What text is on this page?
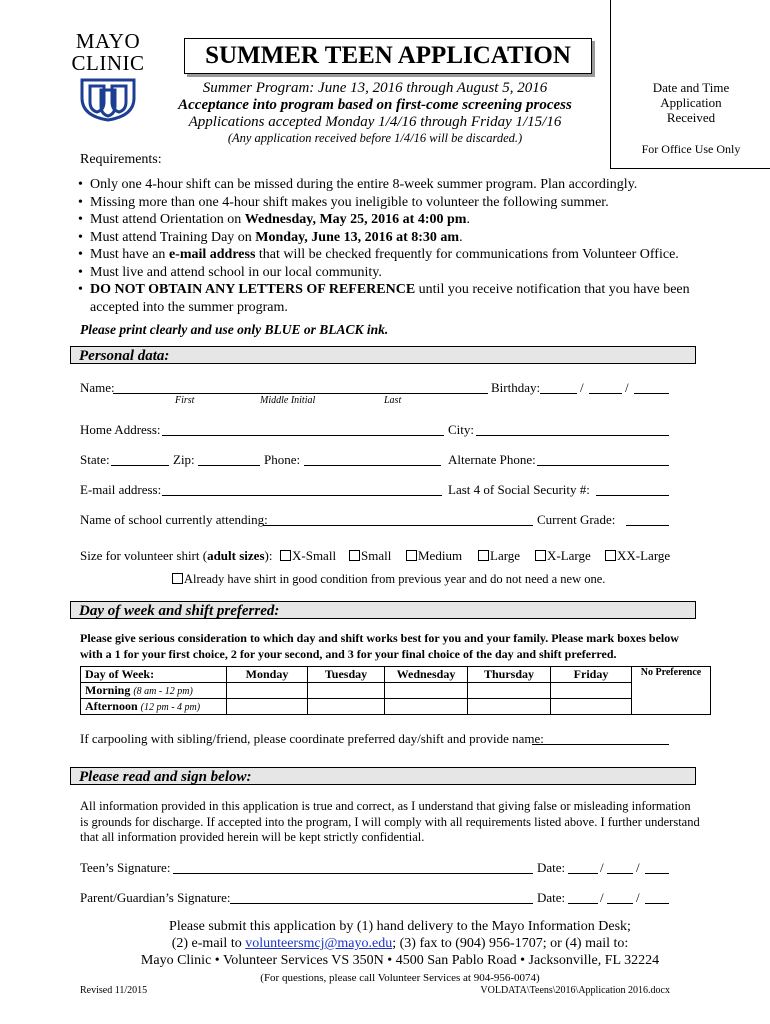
MAYO
CLINIC	SUMMER TEEN APPLICATION
Summer Program: June 13, 2016 through August 5, 2016
Acceptance into program based on first-come screening process
Applications accepted Monday 1/4/16 through Friday 1/15/16
(Any application received before 1/4/16 will be discarded.)
Date and Time
Application
Received
For Office Use Only
Requirements:
• Only one 4-hour shift can be missed during the entire 8-week summer program. Plan accordingly.
• Missing more than one 4-hour shift makes you ineligible to volunteer the following summer.
• Must attend Orientation on Wednesday, May 25, 2016 at 4:00 pm.
• Must attend Training Day on Monday, June 13, 2016 at 8:30 am.
• Must have an e-mail address that will be checked frequently for communications from Volunteer Office.
• Must live and attend school in our local community.
• DO NOT OBTAIN ANY LETTERS OF REFERENCE until you receive notification that you have been accepted into the summer program.
Please print clearly and use only BLUE or BLACK ink.
Personal data:
Name:	Birthday:	/	/
First	Middle Initial	Last
Home Address:	City:
State:	Zip:	Phone:	Alternate Phone:
E-mail address:	Last 4 of Social Security #:
Name of school currently attending:	Current Grade:
Size for volunteer shirt (adult sizes):	X-Small	Small	Medium	Large	X-Large	XX-Large
Already have shirt in good condition from previous year and do not need a new one.
Day of week and shift preferred:
Please give serious consideration to which day and shift works best for you and your family. Please mark boxes below with a 1 for your first choice, 2 for your second, and 3 for your final choice of the day and shift preferred.
Day of Week:	Monday	Tuesday	Wednesday	Thursday	Friday	No Preference
Morning (8 am - 12 pm)						
Afternoon (12 pm - 4 pm)						
If carpooling with sibling/friend, please coordinate preferred day/shift and provide name:
Please read and sign below:
All information provided in this application is true and correct, as I understand that giving false or misleading information is grounds for discharge. If accepted into the program, I will comply with all requirements listed above. I further understand that all information provided herein will be kept strictly confidential.
Teen’s Signature:	Date:	/ /
Parent/Guardian’s Signature:	Date:	/ /
Please submit this application by (1) hand delivery to the Mayo Information Desk;
(2) e-mail to volunteersmcj@mayo.edu; (3) fax to (904) 956-1707; or (4) mail to:
Mayo Clinic • Volunteer Services VS 350N • 4500 San Pablo Road • Jacksonville, FL 32224
(For questions, please call Volunteer Services at 904-956-0074)
Revised 11/2015	VOLDATA\Teens\2016\Application 2016.docx
